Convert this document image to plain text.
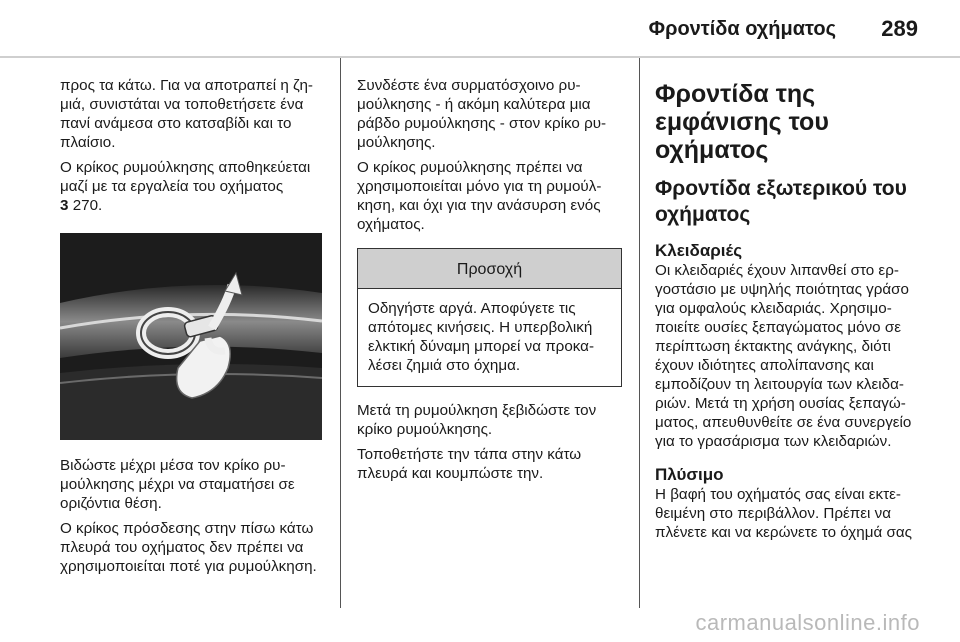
Φροντίδα οχήματος 289

προς τα κάτω. Για να αποτραπεί η ζημιά, συνιστάται να τοποθετήσετε ένα πανί ανάμεσα στο κατσαβίδι και το πλαίσιο.

Ο κρίκος ρυμούλκησης αποθηκεύεται μαζί με τα εργαλεία του οχήματος
3 270.

Βιδώστε μέχρι μέσα τον κρίκο ρυμούλκησης μέχρι να σταματήσει σε οριζόντια θέση.

Ο κρίκος πρόσδεσης στην πίσω κάτω πλευρά του οχήματος δεν πρέπει να χρησιμοποιείται ποτέ για ρυμούλκηση.

Συνδέστε ένα συρματόσχοινο ρυμούλκησης - ή ακόμη καλύτερα μια ράβδο ρυμούλκησης - στον κρίκο ρυμούλκησης.

Ο κρίκος ρυμούλκησης πρέπει να χρησιμοποιείται μόνο για τη ρυμούλκηση, και όχι για την ανάσυρση ενός οχήματος.

Προσοχή
Οδηγήστε αργά. Αποφύγετε τις απότομες κινήσεις. Η υπερβολική ελκτική δύναμη μπορεί να προκαλέσει ζημιά στο όχημα.

Μετά τη ρυμούλκηση ξεβιδώστε τον κρίκο ρυμούλκησης.

Τοποθετήστε την τάπα στην κάτω πλευρά και κουμπώστε την.

Φροντίδα της εμφάνισης του οχήματος
Φροντίδα εξωτερικού του οχήματος
Κλειδαριές

Οι κλειδαριές έχουν λιπανθεί στο εργοστάσιο με υψηλής ποιότητας γράσο για ομφαλούς κλειδαριάς. Χρησιμοποιείτε ουσίες ξεπαγώματος μόνο σε περίπτωση έκτακτης ανάγκης, διότι έχουν ιδιότητες απολίπανσης και εμποδίζουν τη λειτουργία των κλειδαριών. Μετά τη χρήση ουσίας ξεπαγώματος, απευθυνθείτε σε ένα συνεργείο για το γρασάρισμα των κλειδαριών.

Πλύσιμο

Η βαφή του οχήματός σας είναι εκτεθειμένη στο περιβάλλον. Πρέπει να πλένετε και να κερώνετε το όχημά σας

carmanualsonline.info
